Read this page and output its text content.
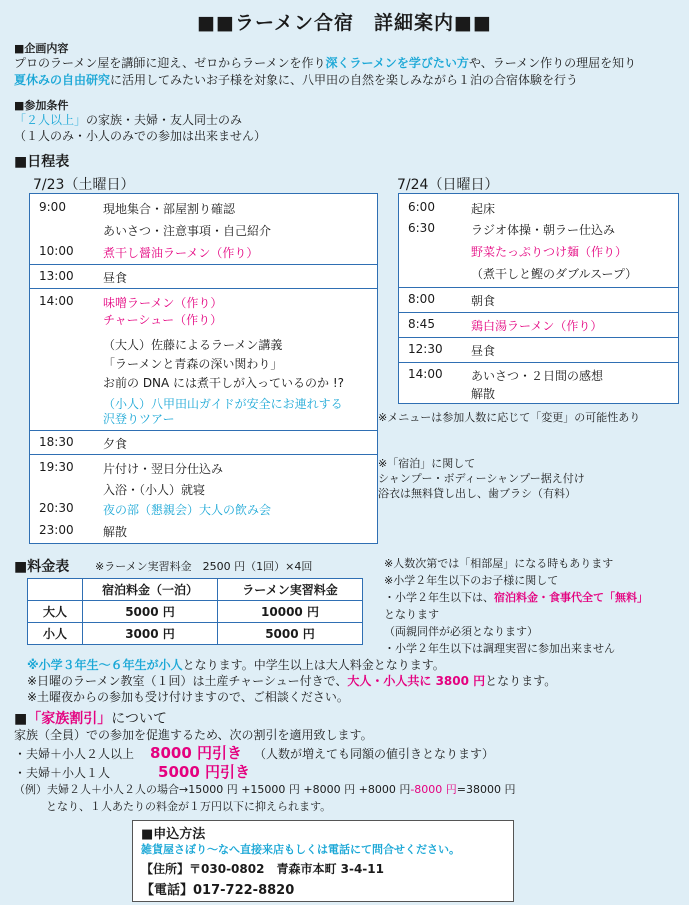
■■ラーメン合宿　詳細案内■■
■企画内容
プロのラーメン屋を講師に迎え、ゼロからラーメンを作り深くラーメンを学びたい方や、ラーメン作りの理屈を知り
夏休みの自由研究に活用してみたいお子様を対象に、八甲田の自然を楽しみながら１泊の合宿体験を行う
■参加条件
「２人以上」の家族・夫婦・友人同士のみ
（１人のみ・小人のみでの参加は出来ません）
■日程表
7/23（土曜日）	7/24（日曜日）
9:00	現地集合・部屋割り確認
あいさつ・注意事項・自己紹介
10:00 煮干し醤油ラーメン（作り）
13:00 昼食
14:00 味噌ラーメン（作り）
チャーシュー（作り）
（大人）佐藤によるラーメン講義
「ラーメンと青森の深い関わり」
お前の DNA には煮干しが入っているのか !?
（小人）八甲田山ガイドが安全にお連れする
沢登りツアー
18:30 夕食
19:30 片付け・翌日分仕込み
入浴・（小人）就寝
20:30 夜の部（懇親会）大人の飲み会
23:00 解散
6:00	起床
6:30	ラジオ体操・朝ラー仕込み
野菜たっぷりつけ麺（作り）
（煮干しと鰹のダブルスープ）
8:00	朝食
8:45	鶏白湯ラーメン（作り）
12:30 昼食
14:00 あいさつ・２日間の感想
解散
※メニューは参加人数に応じて「変更」の可能性あり
※「宿泊」に関して
シャンプー・ボディーシャンプー据え付け
浴衣は無料貸し出し、歯ブラシ（有料）
■料金表 ※ラーメン実習料金　2500 円（1回）×4回
	宿泊料金（一泊）	ラーメン実習料金
大人	5000 円	10000 円
小人	3000 円	5000 円
※人数次第では「相部屋」になる時もあります
※小学２年生以下のお子様に関して
・小学２年生以下は、宿泊料金・食事代全て「無料」
となります
（両親同伴が必須となります）
・小学２年生以下は調理実習に参加出来ません
※小学３年生～６年生が小人となります。中学生以上は大人料金となります。
※日曜のラーメン教室（１回）は土産チャーシュー付きで、大人・小人共に 3800 円となります。
※土曜夜からの参加も受け付けますので、ご相談ください。
■「家族割引」について
家族（全員）での参加を促進するため、次の割引を適用致します。
・夫婦＋小人２人以上 8000 円引き （人数が増えても同額の値引きとなります）
・夫婦＋小人１人	5000 円引き
（例）夫婦２人＋小人２人の場合→15000 円 +15000 円 +8000 円 +8000 円-8000 円=38000 円
となり、１人あたりの料金が１万円以下に抑えられます。
■申込方法
雑貨屋さぼり～なへ直接来店もしくは電話にて問合せください。
【住所】〒030-0802　青森市本町 3-4-11
【電話】017-722-8820
